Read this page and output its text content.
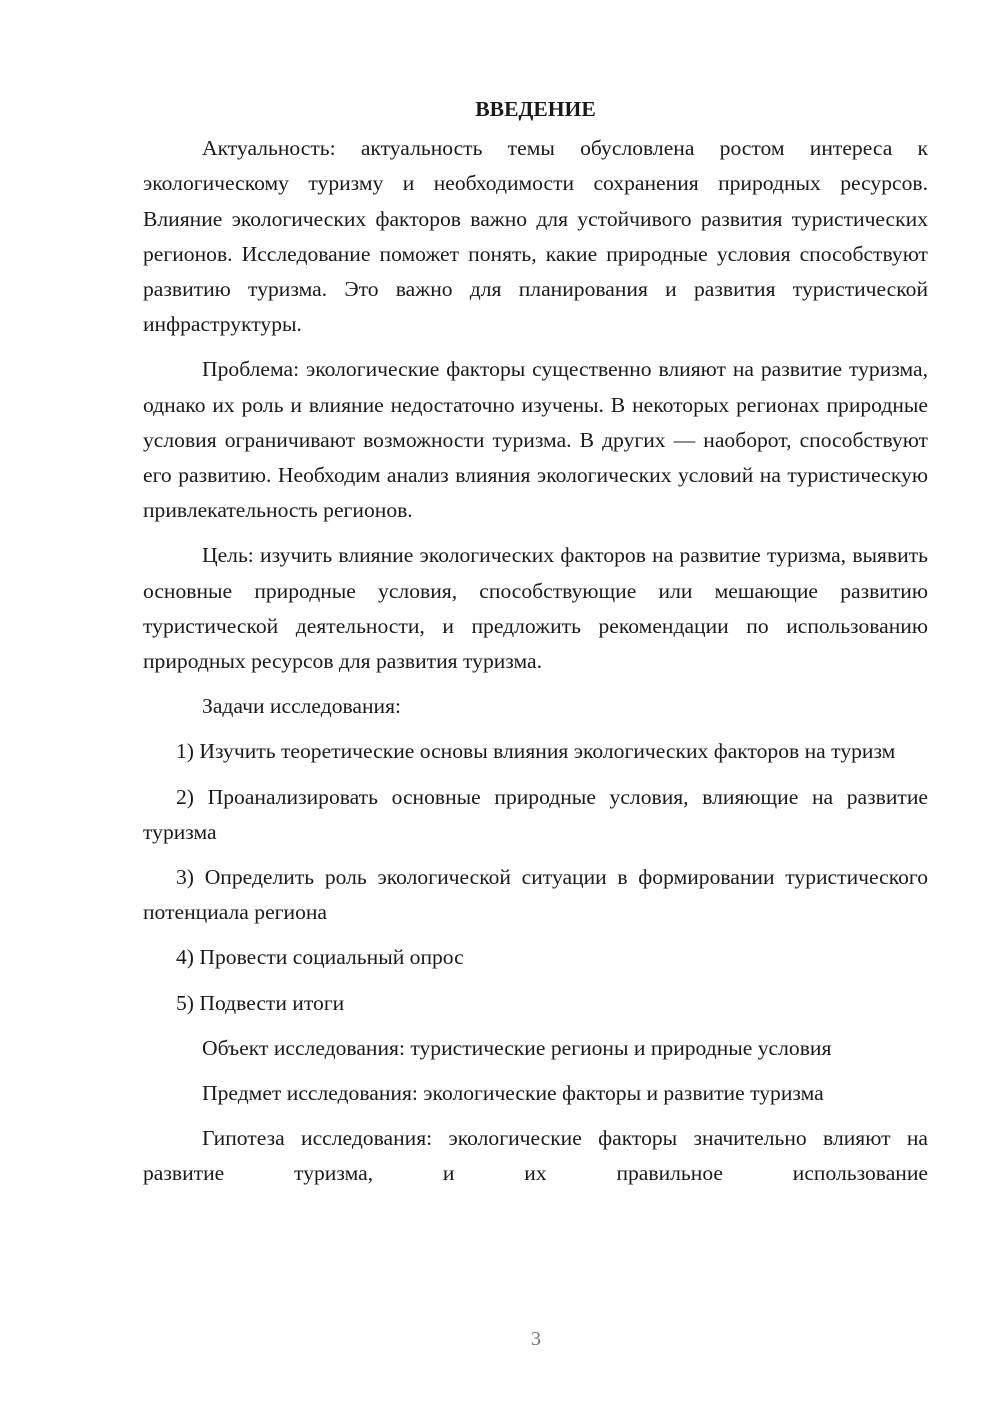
ВВЕДЕНИЕ

Актуальность: актуальность темы обусловлена ростом интереса к экологическому туризму и необходимости сохранения природных ресурсов. Влияние экологических факторов важно для устойчивого развития туристических регионов. Исследование поможет понять, какие природные условия способствуют развитию туризма. Это важно для планирования и развития туристической инфраструктуры.

Проблема: экологические факторы существенно влияют на развитие туризма, однако их роль и влияние недостаточно изучены. В некоторых регионах природные условия ограничивают возможности туризма. В других — наоборот, способствуют его развитию. Необходим анализ влияния экологических условий на туристическую привлекательность регионов.

Цель: изучить влияние экологических факторов на развитие туризма, выявить основные природные условия, способствующие или мешающие развитию туристической деятельности, и предложить рекомендации по использованию природных ресурсов для развития туризма.

Задачи исследования:

1) Изучить теоретические основы влияния экологических факторов на туризм

2) Проанализировать основные природные условия, влияющие на развитие туризма

3) Определить роль экологической ситуации в формировании туристического потенциала региона

4) Провести социальный опрос

5) Подвести итоги

Объект исследования: туристические регионы и природные условия

Предмет исследования: экологические факторы и развитие туризма

Гипотеза исследования: экологические факторы значительно влияют на развитие туризма, и их правильное использование

3
